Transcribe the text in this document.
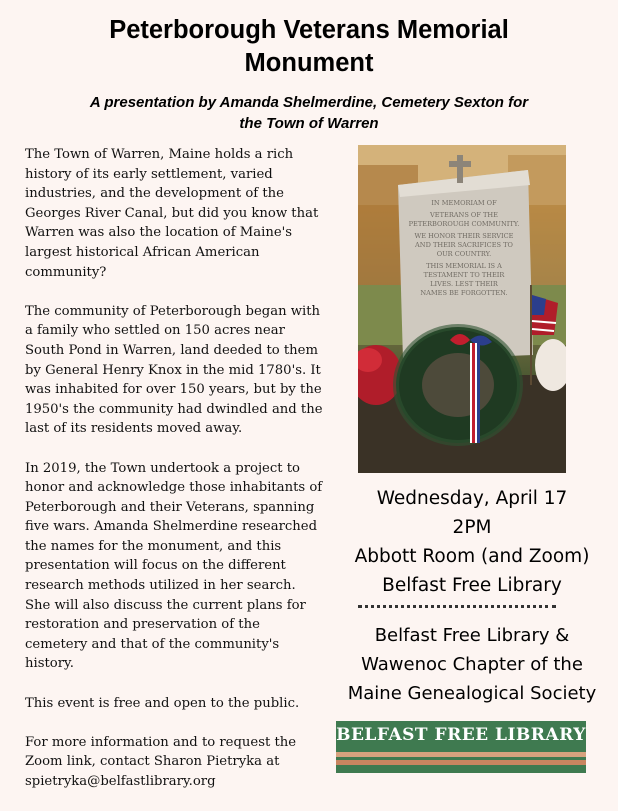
Peterborough Veterans Memorial
Monument
A presentation by Amanda Shelmerdine, Cemetery Sexton for
the Town of Warren

The Town of Warren, Maine holds a rich history of its early settlement, varied industries, and the development of the Georges River Canal, but did you know that Warren was also the location of Maine's largest historical African American community?

The community of Peterborough began with a family who settled on 150 acres near South Pond in Warren, land deeded to them by General Henry Knox in the mid 1780's. It was inhabited for over 150 years, but by the 1950's the community had dwindled and the last of its residents moved away.

In 2019, the Town undertook a project to honor and acknowledge those inhabitants of Peterborough and their Veterans, spanning five wars. Amanda Shelmerdine researched the names for the monument, and this presentation will focus on the different research methods utilized in her search. She will also discuss the current plans for restoration and preservation of the cemetery and that of the community's history.

This event is free and open to the public.

For more information and to request the Zoom link, contact Sharon Pietryka at spietryka@belfastlibrary.org

IN MEMORIAM OF
VETERANS OF THE
PETERBOROUGH COMMUNITY.
WE HONOR THEIR SERVICE
AND THEIR SACRIFICES TO
OUR COUNTRY.
THIS MEMORIAL IS A
TESTAMENT TO THEIR
LIVES. LEST THEIR
NAMES BE FORGOTTEN.
Wednesday, April 17
2PM
Abbott Room (and Zoom)
Belfast Free Library
Belfast Free Library &
Wawenoc Chapter of the
Maine Genealogical Society
BELFAST FREE LIBRARY
